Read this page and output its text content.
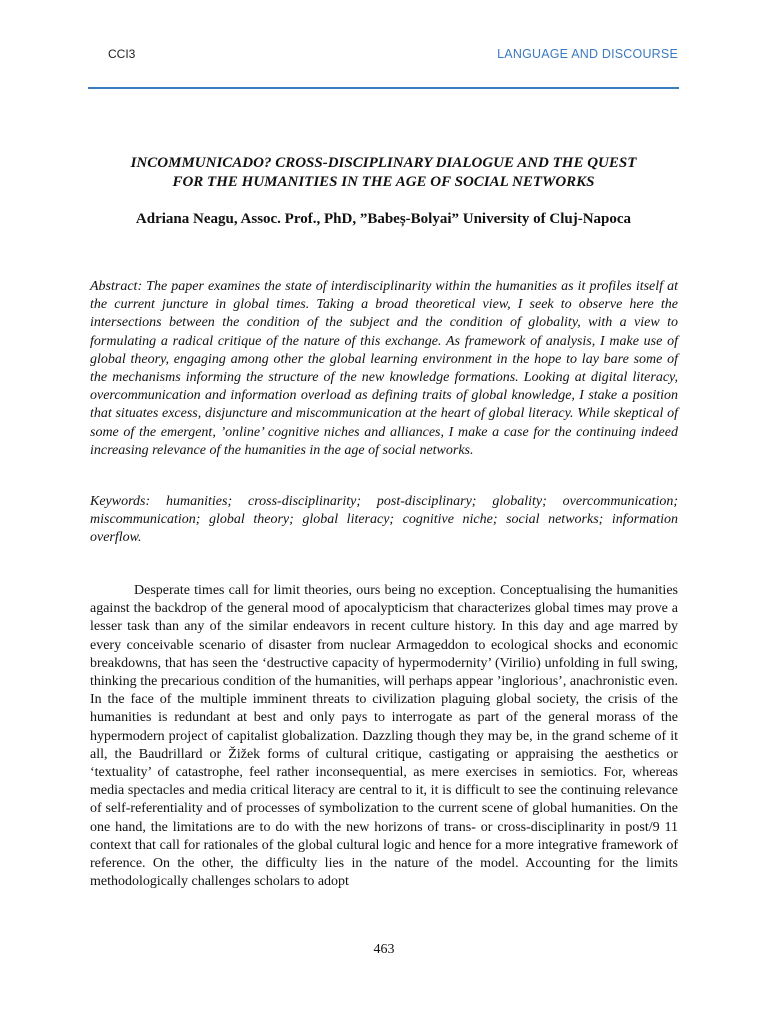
CCI3	LANGUAGE AND DISCOURSE
INCOMMUNICADO? CROSS-DISCIPLINARY DIALOGUE AND THE QUEST
FOR THE HUMANITIES IN THE AGE OF SOCIAL NETWORKS
Adriana Neagu, Assoc. Prof., PhD, ”Babeș-Bolyai” University of Cluj-Napoca
Abstract: The paper examines the state of interdisciplinarity within the humanities as it profiles itself at the current juncture in global times. Taking a broad theoretical view, I seek to observe here the intersections between the condition of the subject and the condition of globality, with a view to formulating a radical critique of the nature of this exchange. As framework of analysis, I make use of global theory, engaging among other the global learning environment in the hope to lay bare some of the mechanisms informing the structure of the new knowledge formations. Looking at digital literacy, overcommunication and information overload as defining traits of global knowledge, I stake a position that situates excess, disjuncture and miscommunication at the heart of global literacy. While skeptical of some of the emergent, ’online’ cognitive niches and alliances, I make a case for the continuing indeed increasing relevance of the humanities in the age of social networks.
Keywords: humanities; cross-disciplinarity; post-disciplinary; globality; overcommunication; miscommunication; global theory; global literacy; cognitive niche; social networks; information overflow.
Desperate times call for limit theories, ours being no exception. Conceptualising the humanities against the backdrop of the general mood of apocalypticism that characterizes global times may prove a lesser task than any of the similar endeavors in recent culture history. In this day and age marred by every conceivable scenario of disaster from nuclear Armageddon to ecological shocks and economic breakdowns, that has seen the ‘destructive capacity of hypermodernity’ (Virilio) unfolding in full swing, thinking the precarious condition of the humanities, will perhaps appear ’inglorious’, anachronistic even. In the face of the multiple imminent threats to civilization plaguing global society, the crisis of the humanities is redundant at best and only pays to interrogate as part of the general morass of the hypermodern project of capitalist globalization. Dazzling though they may be, in the grand scheme of it all, the Baudrillard or Žižek forms of cultural critique, castigating or appraising the aesthetics or ‘textuality’ of catastrophe, feel rather inconsequential, as mere exercises in semiotics. For, whereas media spectacles and media critical literacy are central to it, it is difficult to see the continuing relevance of self-referentiality and of processes of symbolization to the current scene of global humanities. On the one hand, the limitations are to do with the new horizons of trans- or cross-disciplinarity in post/9 11 context that call for rationales of the global cultural logic and hence for a more integrative framework of reference. On the other, the difficulty lies in the nature of the model. Accounting for the limits methodologically challenges scholars to adopt
463
